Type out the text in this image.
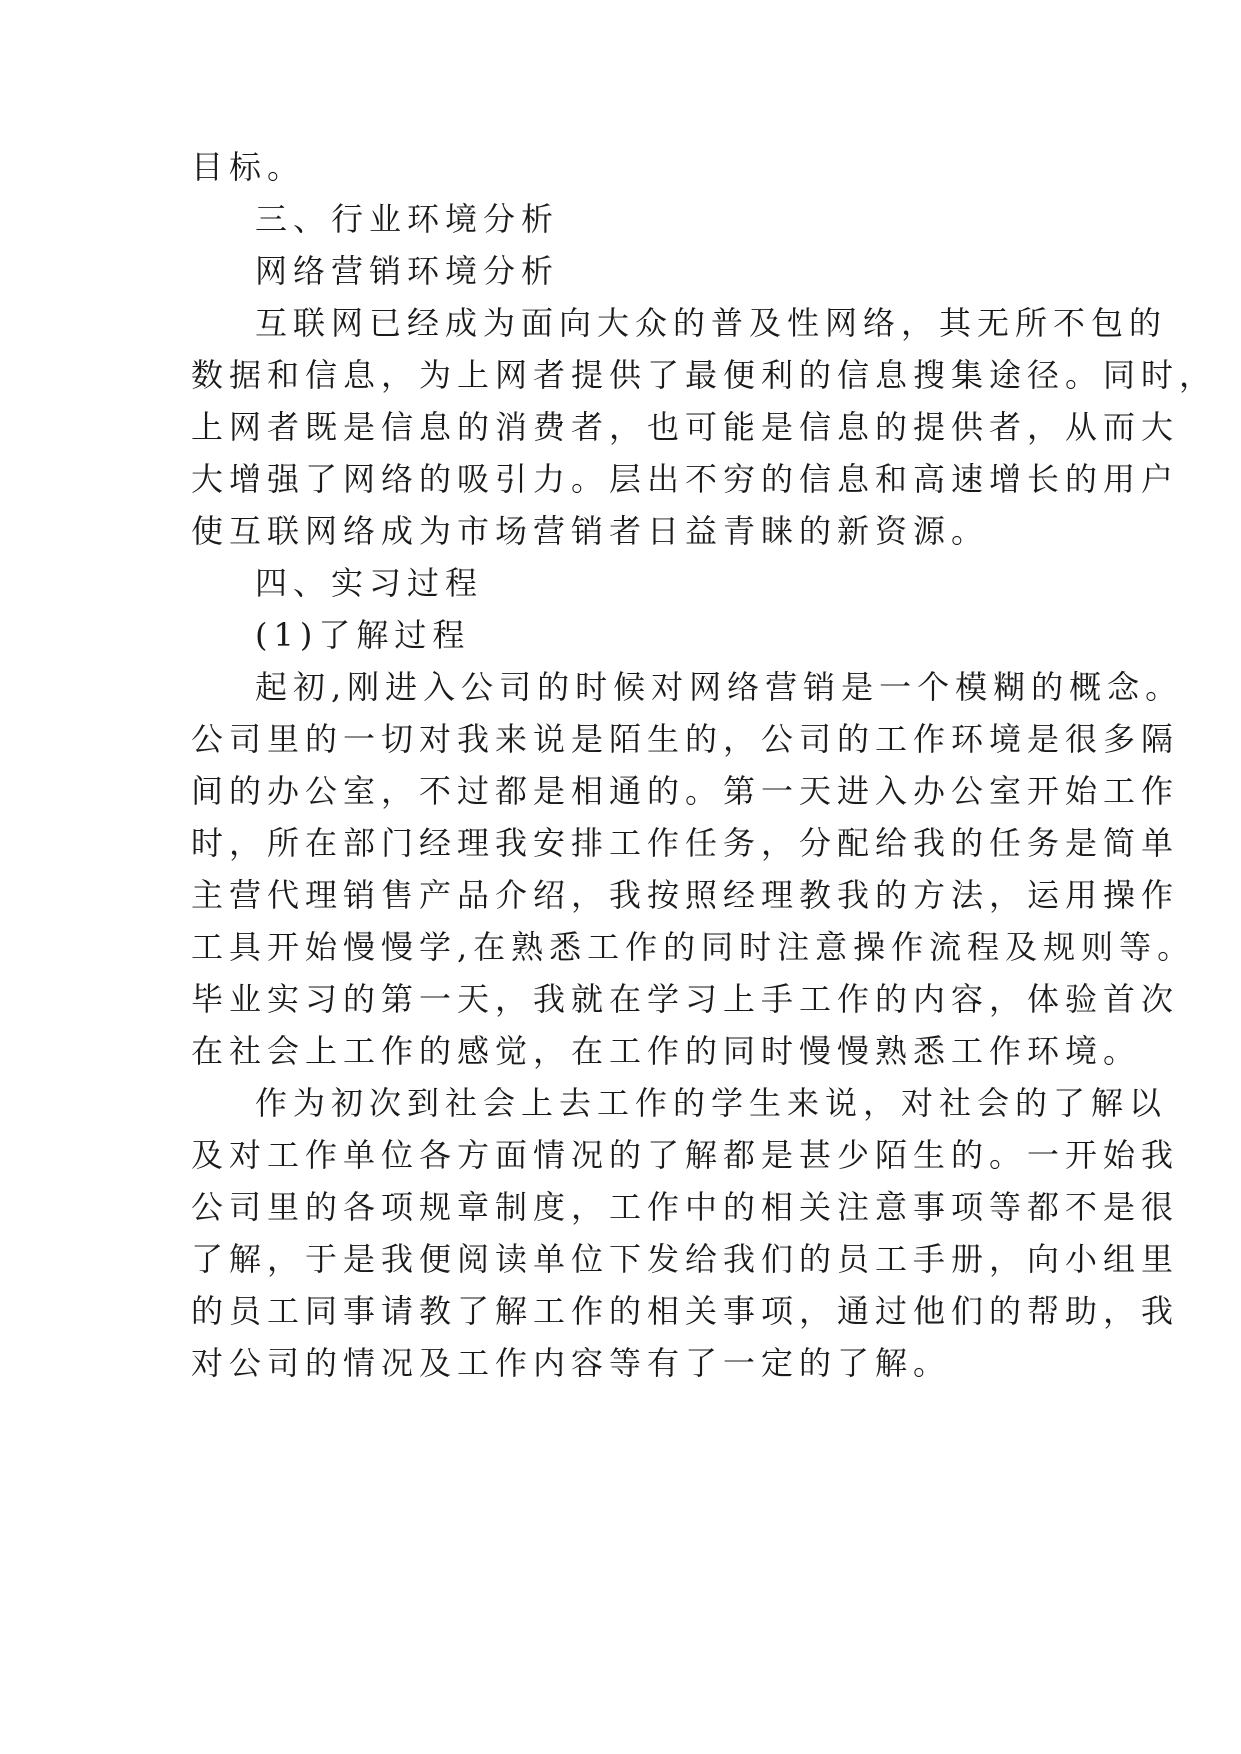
目标。
三、行业环境分析
网络营销环境分析
互联网已经成为面向大众的普及性网络，其无所不包的
数据和信息，为上网者提供了最便利的信息搜集途径。同时，
上网者既是信息的消费者，也可能是信息的提供者，从而大
大增强了网络的吸引力。层出不穷的信息和高速增长的用户
使互联网络成为市场营销者日益青睐的新资源。
四、实习过程
(1)了解过程
起初,刚进入公司的时候对网络营销是一个模糊的概念。
公司里的一切对我来说是陌生的，公司的工作环境是很多隔
间的办公室，不过都是相通的。第一天进入办公室开始工作
时，所在部门经理我安排工作任务，分配给我的任务是简单
主营代理销售产品介绍，我按照经理教我的方法，运用操作
工具开始慢慢学,在熟悉工作的同时注意操作流程及规则等。
毕业实习的第一天，我就在学习上手工作的内容，体验首次
在社会上工作的感觉，在工作的同时慢慢熟悉工作环境。
作为初次到社会上去工作的学生来说，对社会的了解以
及对工作单位各方面情况的了解都是甚少陌生的。一开始我
公司里的各项规章制度，工作中的相关注意事项等都不是很
了解，于是我便阅读单位下发给我们的员工手册，向小组里
的员工同事请教了解工作的相关事项，通过他们的帮助，我
对公司的情况及工作内容等有了一定的了解。
